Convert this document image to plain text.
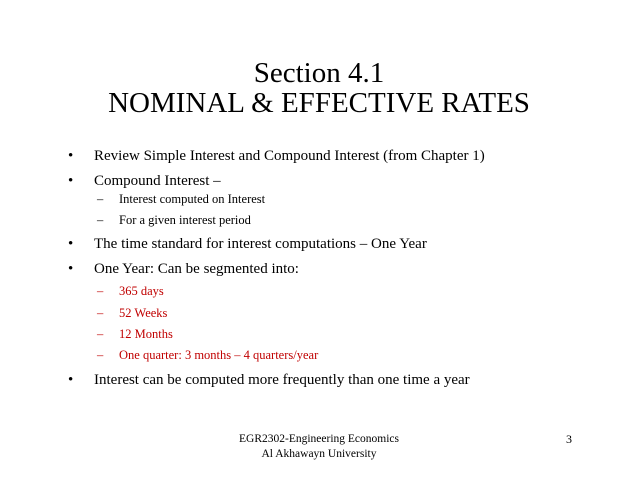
Section 4.1
NOMINAL & EFFECTIVE RATES
• Review Simple Interest and Compound Interest (from Chapter 1)
• Compound Interest –
– Interest computed on Interest
– For a given interest period
• The time standard for interest computations – One Year
• One Year: Can be segmented into:
– 365 days
– 52 Weeks
– 12 Months
– One quarter: 3 months – 4 quarters/year
• Interest can be computed more frequently than one time a year
EGR2302-Engineering Economics
Al Akhawayn University
3
